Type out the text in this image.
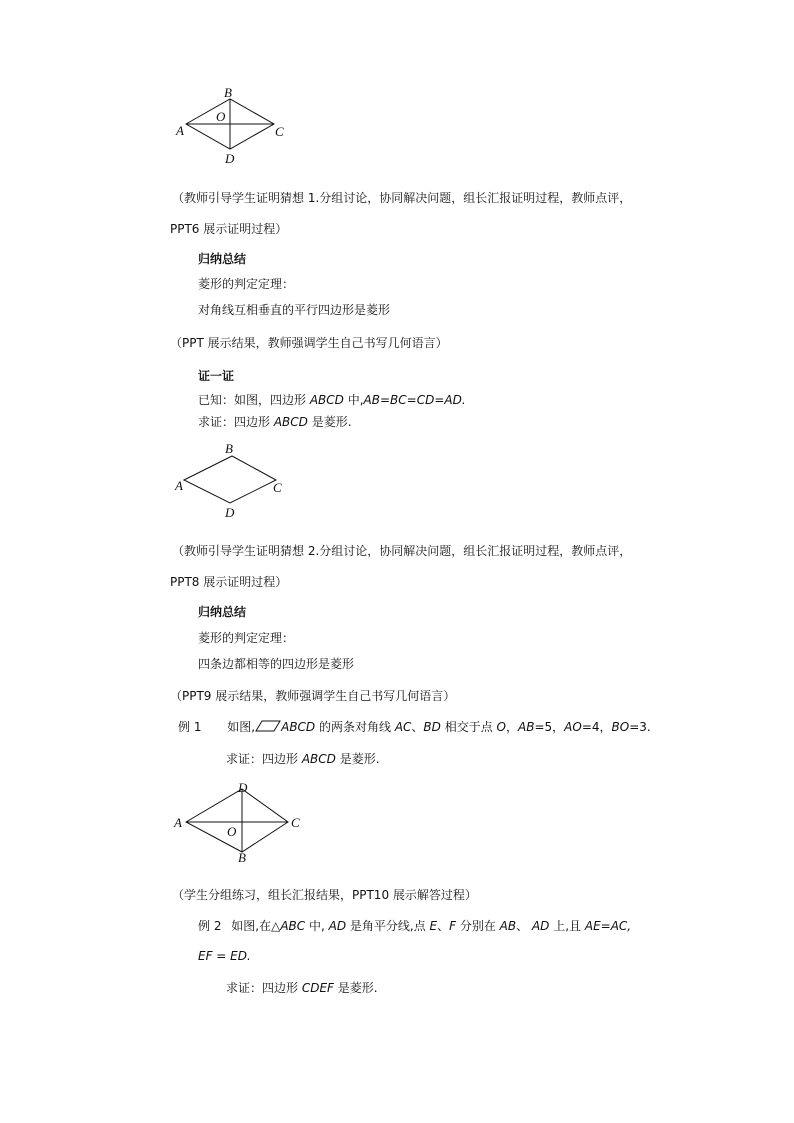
A
B
C
D
O
（教师引导学生证明猜想 1.分组讨论，协同解决问题，组长汇报证明过程，教师点评，
PPT6 展示证明过程）
归纳总结
菱形的判定定理：
对角线互相垂直的平行四边形是菱形
（PPT 展示结果，教师强调学生自己书写几何语言）
证一证
已知：如图，四边形 ABCD 中,AB=BC=CD=AD.
求证：四边形 ABCD 是菱形.
A
B
C
D
（教师引导学生证明猜想 2.分组讨论，协同解决问题，组长汇报证明过程，教师点评，
PPT8 展示证明过程）
归纳总结
菱形的判定定理：
四条边都相等的四边形是菱形
（PPT9 展示结果，教师强调学生自己书写几何语言）
例 1 如图, ABCD 的两条对角线 AC、BD 相交于点 O，AB=5，AO=4，BO=3.
求证：四边形 ABCD 是菱形.
A
D
C
B
O
（学生分组练习，组长汇报结果，PPT10 展示解答过程）
例 2 如图,在△ABC 中, AD 是角平分线,点 E、F 分别在 AB、 AD 上,且 AE=AC,
EF = ED.
求证：四边形 CDEF 是菱形.
